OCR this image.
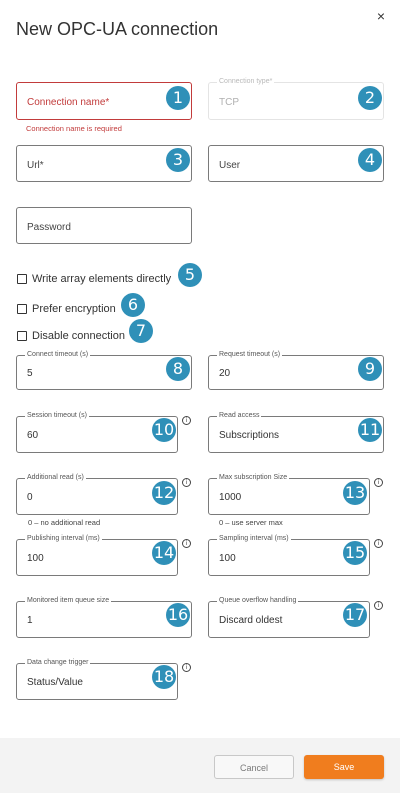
New OPC-UA connection
×
Connection name*	1
Connection name is required
Connection type*
TCP	2
Url*	3	User	4
Password
Write array elements directly 5
Prefer encryption 6
Disable connection 7
Connect timeout (s)
5	8
Request timeout (s)
20	9
Session timeout (s)
60	10	i
Read access
Subscriptions	11
Additional read (s)
0	12
i
0 – no additional read
Max subscription Size
1000	13
i
0 – use server max
Publishing interval (ms)
100	14	i
Sampling interval (ms)
100	15	i
Monitored item queue size
1	16
Queue overflow handling
Discard oldest	17	i
Data change trigger
Status/Value	18	i
Cancel	Save
